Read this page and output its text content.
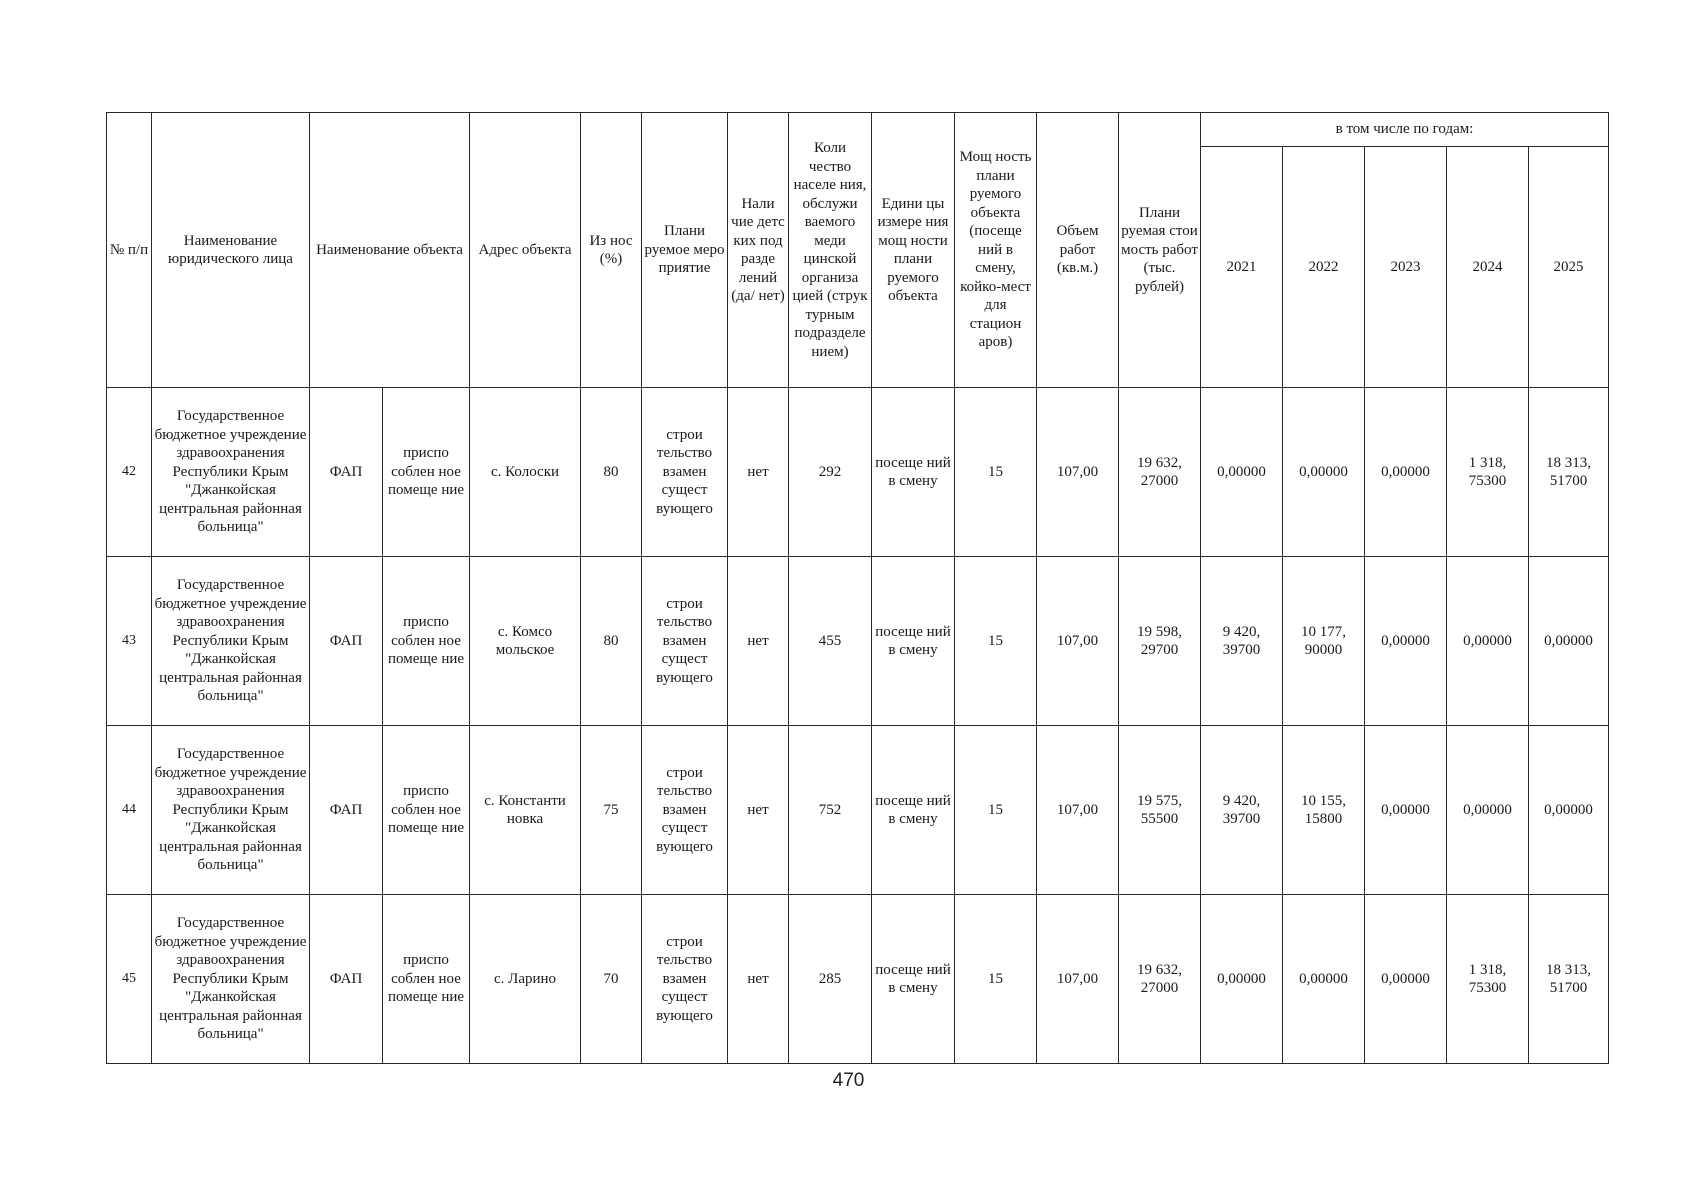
№ п/п	Наименование юридического лица	Наименование объекта		Адрес объекта	Из нос (%)	Плани руемое меро приятие	Нали чие детс ких под разде лений (да/ нет)	Коли чество населе ния, обслужи ваемого меди цинской организа цией (струк турным подразделе нием)	Едини цы измере ния мощ ности плани руемого объекта	Мощ ность плани руемого объекта (посеще ний в смену, койко-мест для стацион аров)	Объем работ (кв.м.)	Плани руемая стои мость работ (тыс. рублей)	в том числе по годам:				
													2021	2022	2023	2024	2025
42	Государственное бюджетное учреждение здравоохранения Республики Крым "Джанкойская центральная районная больница"	ФАП	приспо соблен ное помеще ние	с. Колоски	80	строи тельство взамен сущест вующего	нет	292	посеще ний в смену	15	107,00	19 632, 27000	0,00000	0,00000	0,00000	1 318, 75300	18 313, 51700
43	Государственное бюджетное учреждение здравоохранения Республики Крым "Джанкойская центральная районная больница"	ФАП	приспо соблен ное помеще ние	с. Комсо мольское	80	строи тельство взамен сущест вующего	нет	455	посеще ний в смену	15	107,00	19 598, 29700	9 420, 39700	10 177, 90000	0,00000	0,00000	0,00000
44	Государственное бюджетное учреждение здравоохранения Республики Крым "Джанкойская центральная районная больница"	ФАП	приспо соблен ное помеще ние	с. Константи новка	75	строи тельство взамен сущест вующего	нет	752	посеще ний в смену	15	107,00	19 575, 55500	9 420, 39700	10 155, 15800	0,00000	0,00000	0,00000
45	Государственное бюджетное учреждение здравоохранения Республики Крым "Джанкойская центральная районная больница"	ФАП	приспо соблен ное помеще ние	с. Ларино	70	строи тельство взамен сущест вующего	нет	285	посеще ний в смену	15	107,00	19 632, 27000	0,00000	0,00000	0,00000	1 318, 75300	18 313, 51700
470
